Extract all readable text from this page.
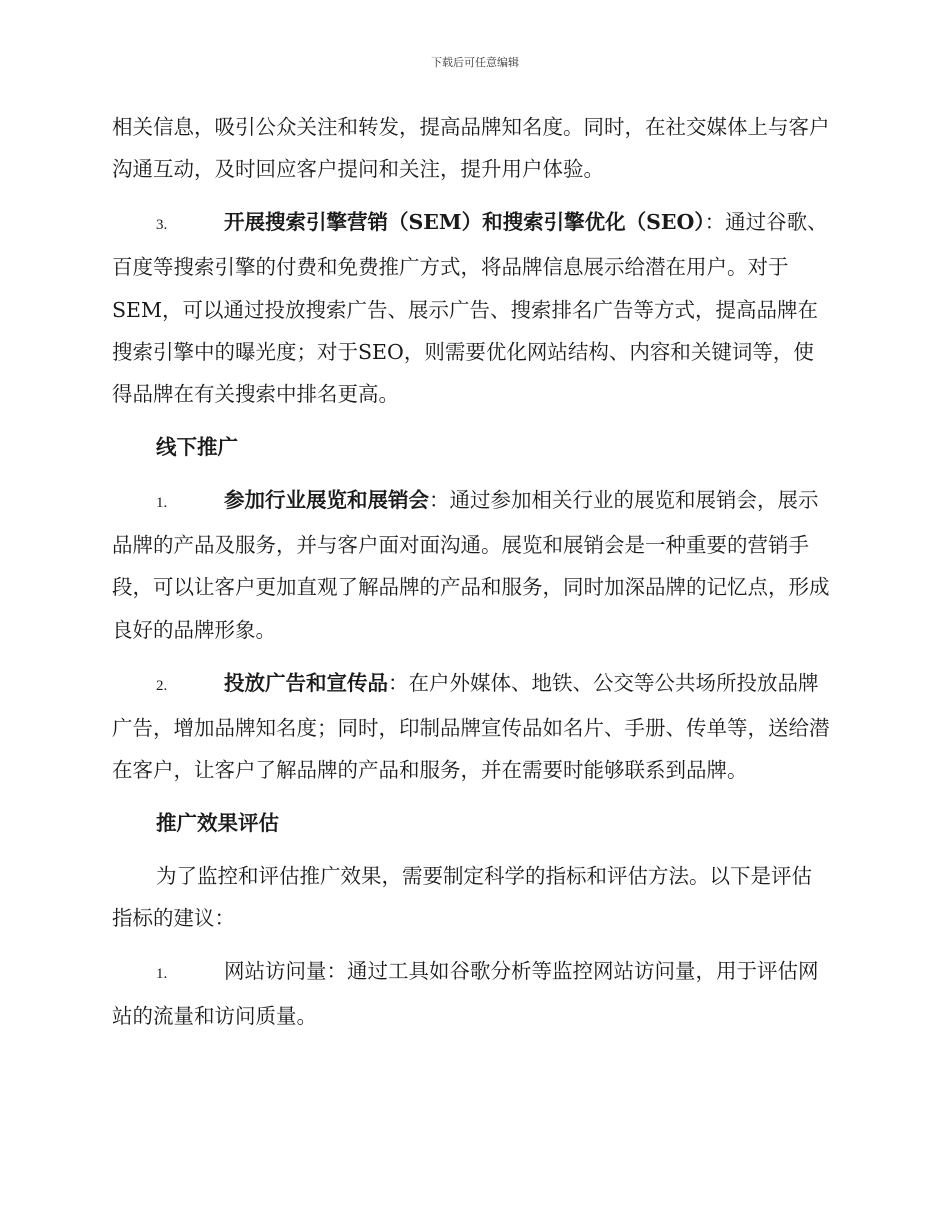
下载后可任意编辑

相关信息，吸引公众关注和转发，提高品牌知名度。同时，在社交媒体上与客户沟通互动，及时回应客户提问和关注，提升用户体验。

3.	开展搜索引擎营销（SEM）和搜索引擎优化（SEO）：通过谷歌、百度等搜索引擎的付费和免费推广方式，将品牌信息展示给潜在用户。对于SEM，可以通过投放搜索广告、展示广告、搜索排名广告等方式，提高品牌在搜索引擎中的曝光度；对于SEO，则需要优化网站结构、内容和关键词等，使得品牌在有关搜索中排名更高。

线下推广

1.	参加行业展览和展销会：通过参加相关行业的展览和展销会，展示品牌的产品及服务，并与客户面对面沟通。展览和展销会是一种重要的营销手段，可以让客户更加直观了解品牌的产品和服务，同时加深品牌的记忆点，形成良好的品牌形象。

2.	投放广告和宣传品：在户外媒体、地铁、公交等公共场所投放品牌广告，增加品牌知名度；同时，印制品牌宣传品如名片、手册、传单等，送给潜在客户，让客户了解品牌的产品和服务，并在需要时能够联系到品牌。

推广效果评估

为了监控和评估推广效果，需要制定科学的指标和评估方法。以下是评估指标的建议：

1.	网站访问量：通过工具如谷歌分析等监控网站访问量，用于评估网站的流量和访问质量。
